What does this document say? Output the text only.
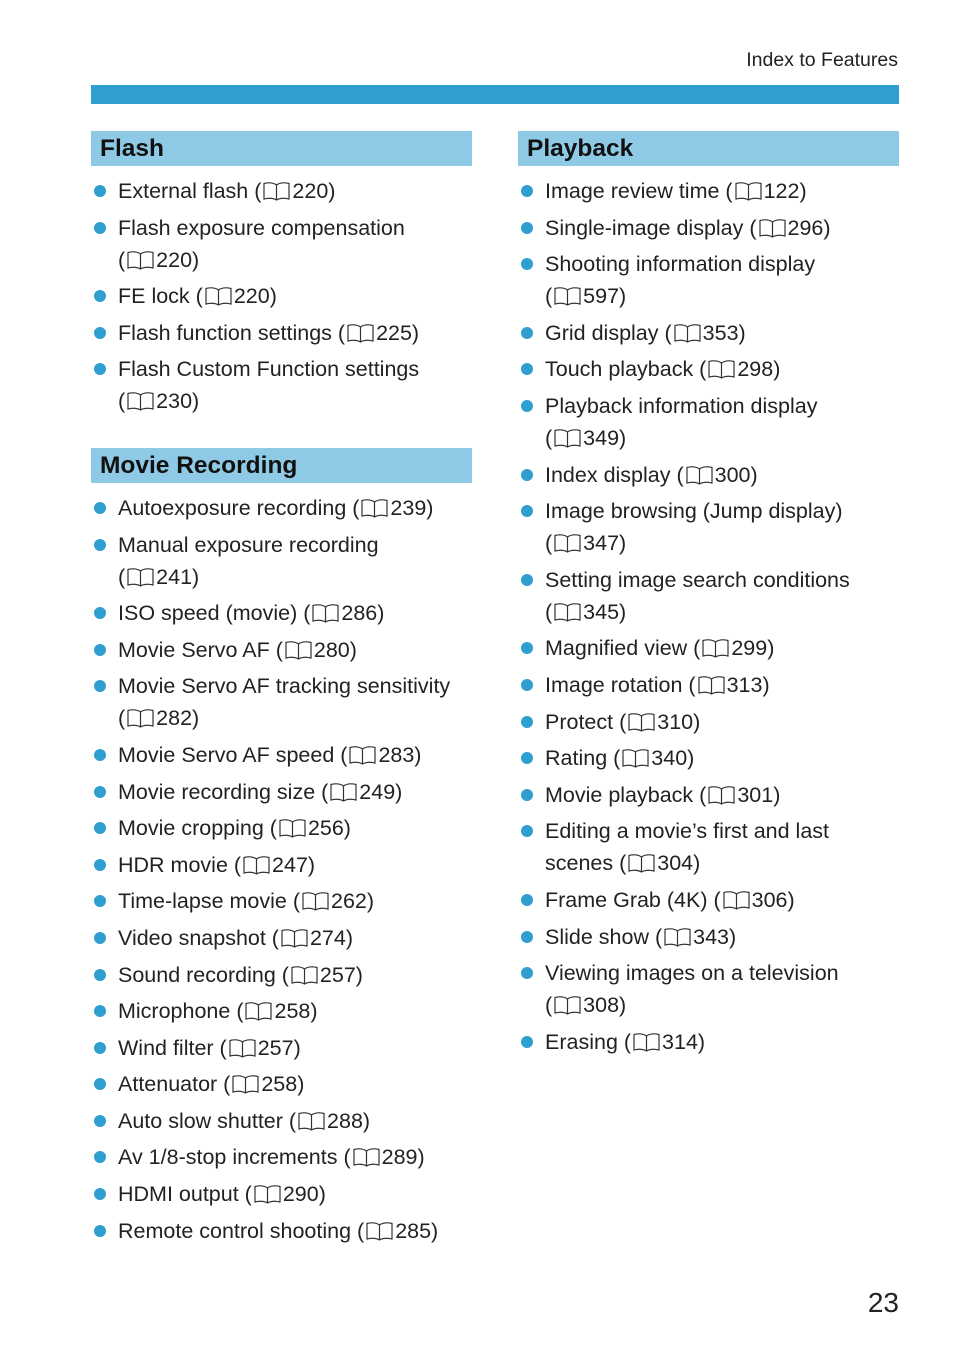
Index to Features
Flash
External flash ( 220)
Flash exposure compensation
( 220)
FE lock ( 220)
Flash function settings ( 225)
Flash Custom Function settings
( 230)
Movie Recording
Autoexposure recording ( 239)
Manual exposure recording
( 241)
ISO speed (movie) ( 286)
Movie Servo AF ( 280)
Movie Servo AF tracking sensitivity
( 282)
Movie Servo AF speed ( 283)
Movie recording size ( 249)
Movie cropping ( 256)
HDR movie ( 247)
Time-lapse movie ( 262)
Video snapshot ( 274)
Sound recording ( 257)
Microphone ( 258)
Wind filter ( 257)
Attenuator ( 258)
Auto slow shutter ( 288)
Av 1/8-stop increments ( 289)
HDMI output ( 290)
Remote control shooting ( 285)
Playback
Image review time ( 122)
Single-image display ( 296)
Shooting information display
( 597)
Grid display ( 353)
Touch playback ( 298)
Playback information display
( 349)
Index display ( 300)
Image browsing (Jump display)
( 347)
Setting image search conditions
( 345)
Magnified view ( 299)
Image rotation ( 313)
Protect ( 310)
Rating ( 340)
Movie playback ( 301)
Editing a movie’s first and last
scenes ( 304)
Frame Grab (4K) ( 306)
Slide show ( 343)
Viewing images on a television
( 308)
Erasing ( 314)
23
